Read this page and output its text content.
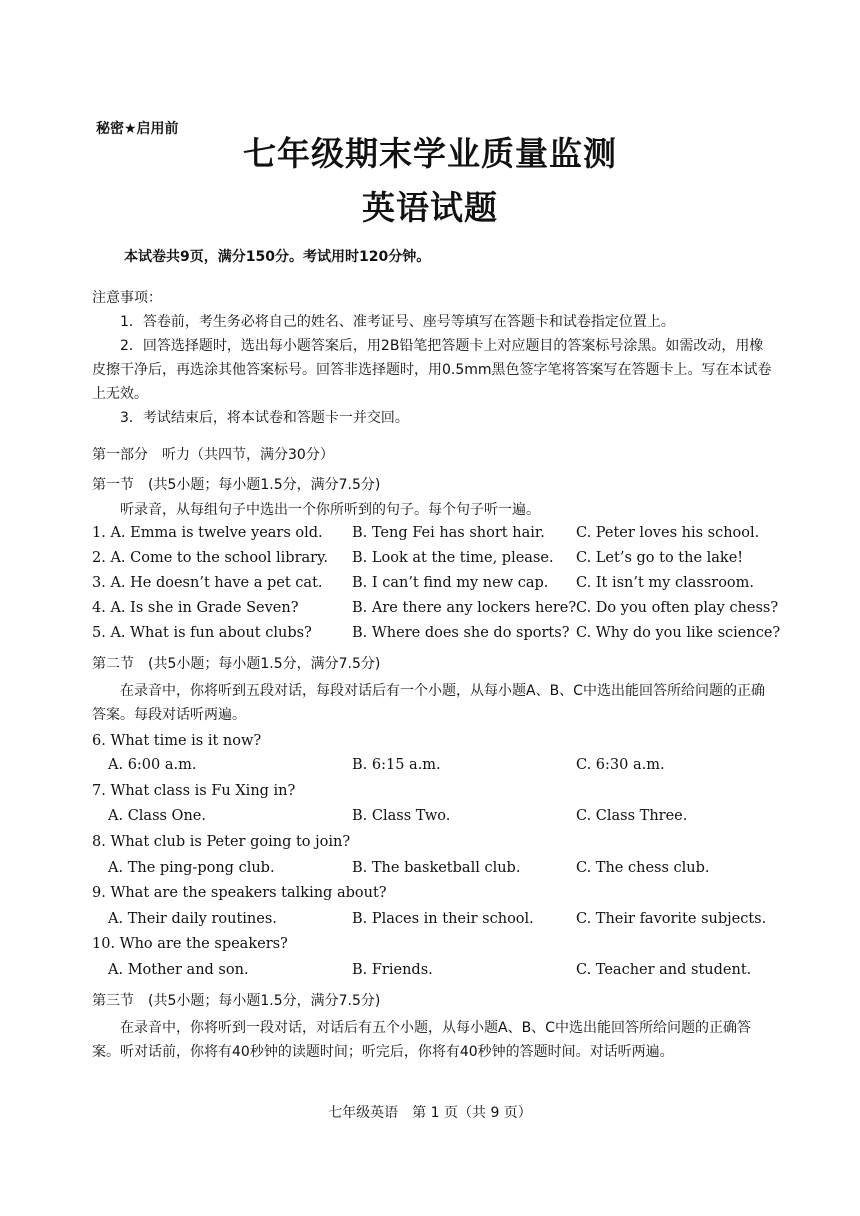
秘密★启用前
七年级期末学业质量监测
英语试题
本试卷共9页，满分150分。考试用时120分钟。
注意事项：
1．答卷前，考生务必将自己的姓名、准考证号、座号等填写在答题卡和试卷指定位置上。
2．回答选择题时，选出每小题答案后，用2B铅笔把答题卡上对应题目的答案标号涂黑。如需改动，用橡皮擦干净后，再选涂其他答案标号。回答非选择题时，用0.5mm黑色签字笔将答案写在答题卡上。写在本试卷上无效。
3．考试结束后，将本试卷和答题卡一并交回。
第一部分　听力（共四节，满分30分）
第一节　(共5小题；每小题1.5分，满分7.5分)
听录音，从每组句子中选出一个你所听到的句子。每个句子听一遍。
1. A. Emma is twelve years old. B. Teng Fei has short hair. C. Peter loves his school.
2. A. Come to the school library. B. Look at the time, please. C. Let’s go to the lake!
3. A. He doesn’t have a pet cat. B. I can’t find my new cap. C. It isn’t my classroom.
4. A. Is she in Grade Seven?	B. Are there any lockers here? C. Do you often play chess?
5. A. What is fun about clubs?	B. Where does she do sports? C. Why do you like science?
第二节　(共5小题；每小题1.5分，满分7.5分)
在录音中，你将听到五段对话，每段对话后有一个小题，从每小题A、B、C中选出能回答所给问题的正确答案。每段对话听两遍。
6. What time is it now?
A. 6:00 a.m.	B. 6:15 a.m.	C. 6:30 a.m.
7. What class is Fu Xing in?
A. Class One.	B. Class Two.	C. Class Three.
8. What club is Peter going to join?
A. The ping-pong club.	B. The basketball club.	C. The chess club.
9. What are the speakers talking about?
A. Their daily routines.	B. Places in their school.	C. Their favorite subjects.
10. Who are the speakers?
A. Mother and son.	B. Friends.	C. Teacher and student.
第三节　(共5小题；每小题1.5分，满分7.5分)
在录音中，你将听到一段对话，对话后有五个小题，从每小题A、B、C中选出能回答所给问题的正确答案。听对话前，你将有40秒钟的读题时间；听完后，你将有40秒钟的答题时间。对话听两遍。
七年级英语　第 1 页（共 9 页）
